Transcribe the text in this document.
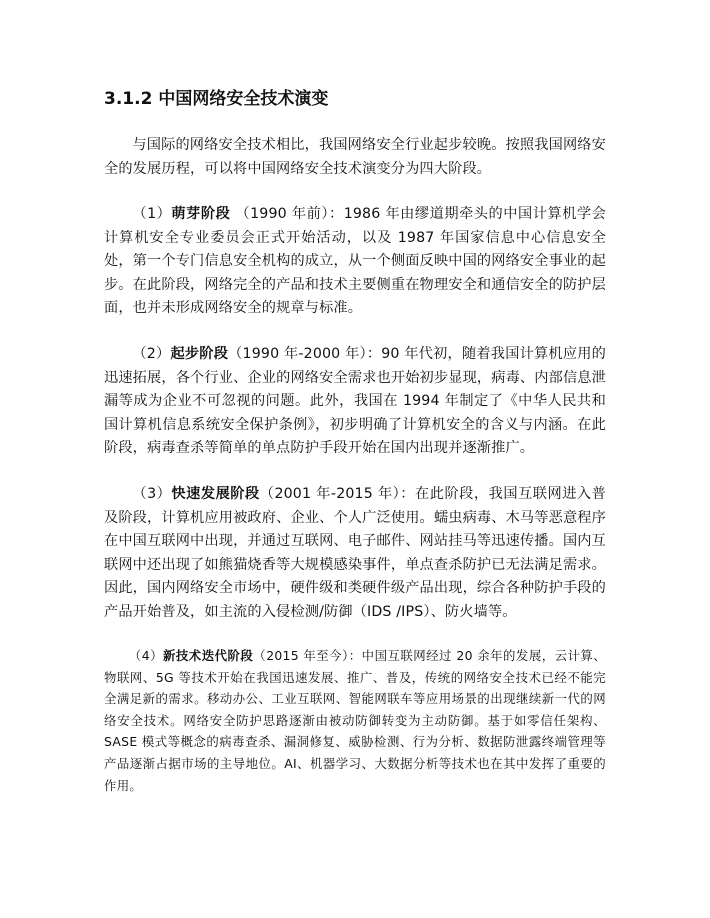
3.1.2 中国网络安全技术演变

与国际的网络安全技术相比，我国网络安全行业起步较晚。按照我国网络安全的发展历程，可以将中国网络安全技术演变分为四大阶段。

（1）萌芽阶段 （1990 年前）：1986 年由缪道期牵头的中国计算机学会计算机安全专业委员会正式开始活动，以及 1987 年国家信息中心信息安全处，第一个专门信息安全机构的成立，从一个侧面反映中国的网络安全事业的起步。在此阶段，网络完全的产品和技术主要侧重在物理安全和通信安全的防护层面，也并未形成网络安全的规章与标准。

（2）起步阶段（1990 年-2000 年）：90 年代初，随着我国计算机应用的迅速拓展，各个行业、企业的网络安全需求也开始初步显现，病毒、内部信息泄漏等成为企业不可忽视的问题。此外，我国在 1994 年制定了《中华人民共和国计算机信息系统安全保护条例》，初步明确了计算机安全的含义与内涵。在此阶段，病毒查杀等简单的单点防护手段开始在国内出现并逐渐推广。

（3）快速发展阶段（2001 年-2015 年）：在此阶段，我国互联网进入普及阶段，计算机应用被政府、企业、个人广泛使用。蠕虫病毒、木马等恶意程序在中国互联网中出现，并通过互联网、电子邮件、网站挂马等迅速传播。国内互联网中还出现了如熊猫烧香等大规模感染事件，单点查杀防护已无法满足需求。因此，国内网络安全市场中，硬件级和类硬件级产品出现，综合各种防护手段的产品开始普及，如主流的入侵检测/防御（IDS /IPS）、防火墙等。

（4）新技术迭代阶段（2015 年至今）：中国互联网经过 20 余年的发展，云计算、物联网、5G 等技术开始在我国迅速发展、推广、普及，传统的网络安全技术已经不能完全满足新的需求。移动办公、工业互联网、智能网联车等应用场景的出现继续新一代的网络安全技术。网络安全防护思路逐渐由被动防御转变为主动防御。基于如零信任架构、SASE 模式等概念的病毒查杀、漏洞修复、威胁检测、行为分析、数据防泄露终端管理等产品逐渐占据市场的主导地位。AI、机器学习、大数据分析等技术也在其中发挥了重要的作用。
